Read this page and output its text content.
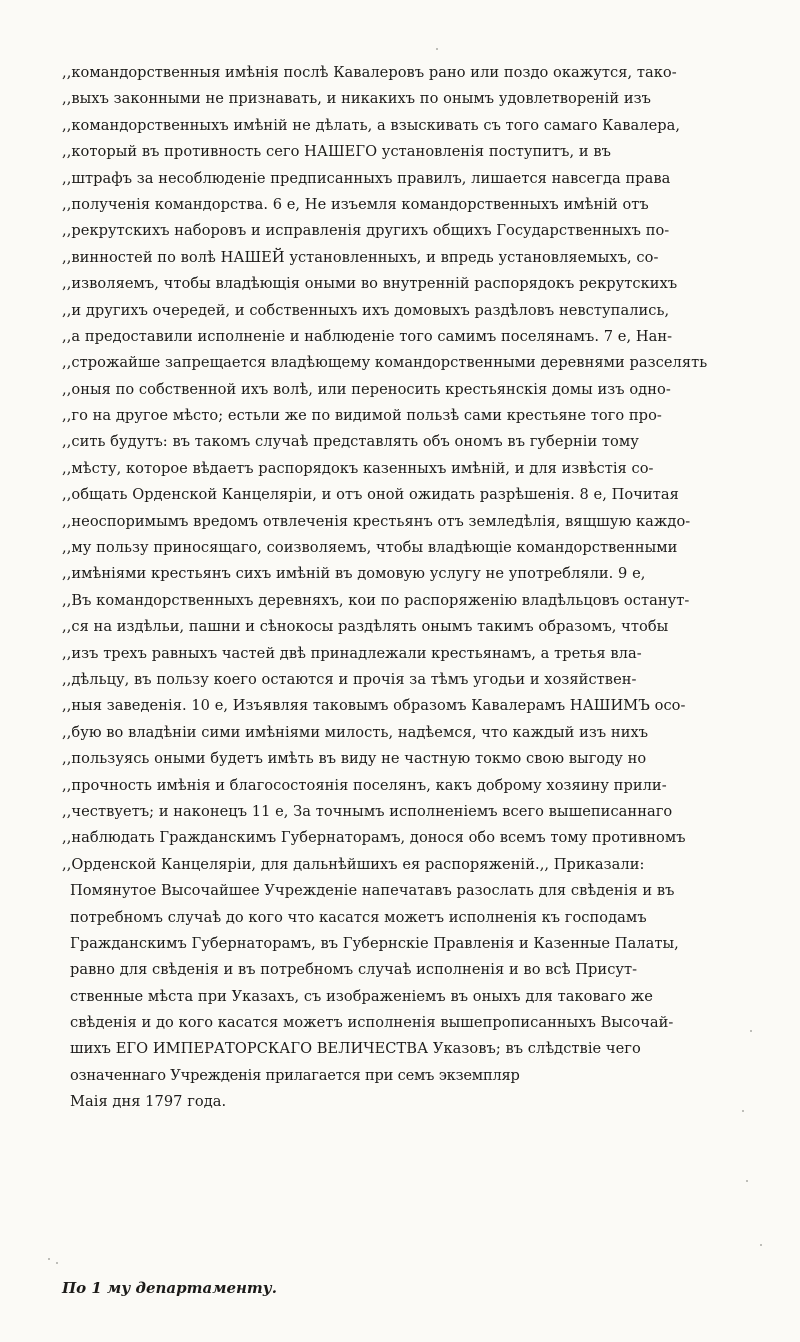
,,командорственныя имѣнія послѣ Кавалеровъ рано или поздо окажутся, тако-
,,выхъ законными не признавать, и никакихъ по онымъ удовлетвореній изъ
,,командорственныхъ имѣній не дѣлать, а взыскивать съ того самаго Кавалера,
,,который въ противность сего НАШЕГО установленія поступитъ, и въ
,,штрафъ за несоблюденіе предписанныхъ правилъ, лишается навсегда права
,,полученія командорства. 6 е, Не изъемля командорственныхъ имѣній отъ
,,рекрутскихъ наборовъ и исправленія другихъ общихъ Государственныхъ по-
,,винностей по волѣ НАШЕЙ установленныхъ, и впредь установляемыхъ, со-
,,изволяемъ, чтобы владѣющія оными во внутренній распорядокъ рекрутскихъ
,,и другихъ очередей, и собственныхъ ихъ домовыхъ раздѣловъ невступались,
,,а предоставили исполненіе и наблюденіе того самимъ поселянамъ. 7 е, Нан-
,,строжайше запрещается владѣющему командорственными деревнями разселять
,,оныя по собственной ихъ волѣ, или переносить крестьянскія домы изъ одно-
,,го на другое мѣсто; естьли же по видимой пользѣ сами крестьяне того про-
,,сить будутъ: въ такомъ случаѣ представлять объ ономъ въ губерніи тому
,,мѣсту, которое вѣдаетъ распорядокъ казенныхъ имѣній, и для извѣстія со-
,,общать Орденской Канцеляріи, и отъ оной ожидать разрѣшенія. 8 е, Почитая
,,неоспоримымъ вредомъ отвлеченія крестьянъ отъ земледѣлія, вящшую каждо-
,,му пользу приносящаго, соизволяемъ, чтобы владѣющіе командорственными
,,имѣніями крестьянъ сихъ имѣній въ домовую услугу не употребляли. 9 е,
,,Въ командорственныхъ деревняхъ, кои по распоряженію владѣльцовъ останут-
,,ся на издѣльи, пашни и сѣнокосы раздѣлять онымъ такимъ образомъ, чтобы
,,изъ трехъ равныхъ частей двѣ принадлежали крестьянамъ, а третья вла-
,,дѣльцу, въ пользу коего остаются и прочія за тѣмъ угодьи и хозяйствен-
,,ныя заведенія. 10 е, Изъявляя таковымъ образомъ Кавалерамъ НАШИМЪ осо-
,,бую во владѣніи сими имѣніями милость, надѣемся, что каждый изъ нихъ
,,пользуясь оными будетъ имѣть въ виду не частную токмо свою выгоду но
,,прочность имѣнія и благосостоянія поселянъ, какъ доброму хозяину прили-
,,чествуетъ; и наконецъ 11 е, За точнымъ исполненіемъ всего вышеписаннаго
,,наблюдать Гражданскимъ Губернаторамъ, донося обо всемъ тому противномъ
,,Орденской Канцеляріи, для дальнѣйшихъ ея распоряженій.,, Приказали:
Помянутое Высочайшее Учрежденіе напечатавъ разослать для свѣденія и въ
потребномъ случаѣ до кого что касатся можетъ исполненія къ господамъ
Гражданскимъ Губернаторамъ, въ Губернскіе Правленія и Казенные Палаты,
равно для свѣденія и въ потребномъ случаѣ исполненія и во всѣ Присут-
ствeнные мѣста при Указахъ, съ изображеніемъ въ оныхъ для таковаго же
свѣденія и до кого касатся можетъ исполненія вышепрописанныхъ Высочай-
шихъ ЕГО ИМПЕРАТОРСКАГО ВЕЛИЧЕСТВА Указовъ; въ слѣдствіе чего
означеннаго Учрежденія прилагается при семъ экземпляр
Маія дня 1797 года.
По 1 му департаменту.
